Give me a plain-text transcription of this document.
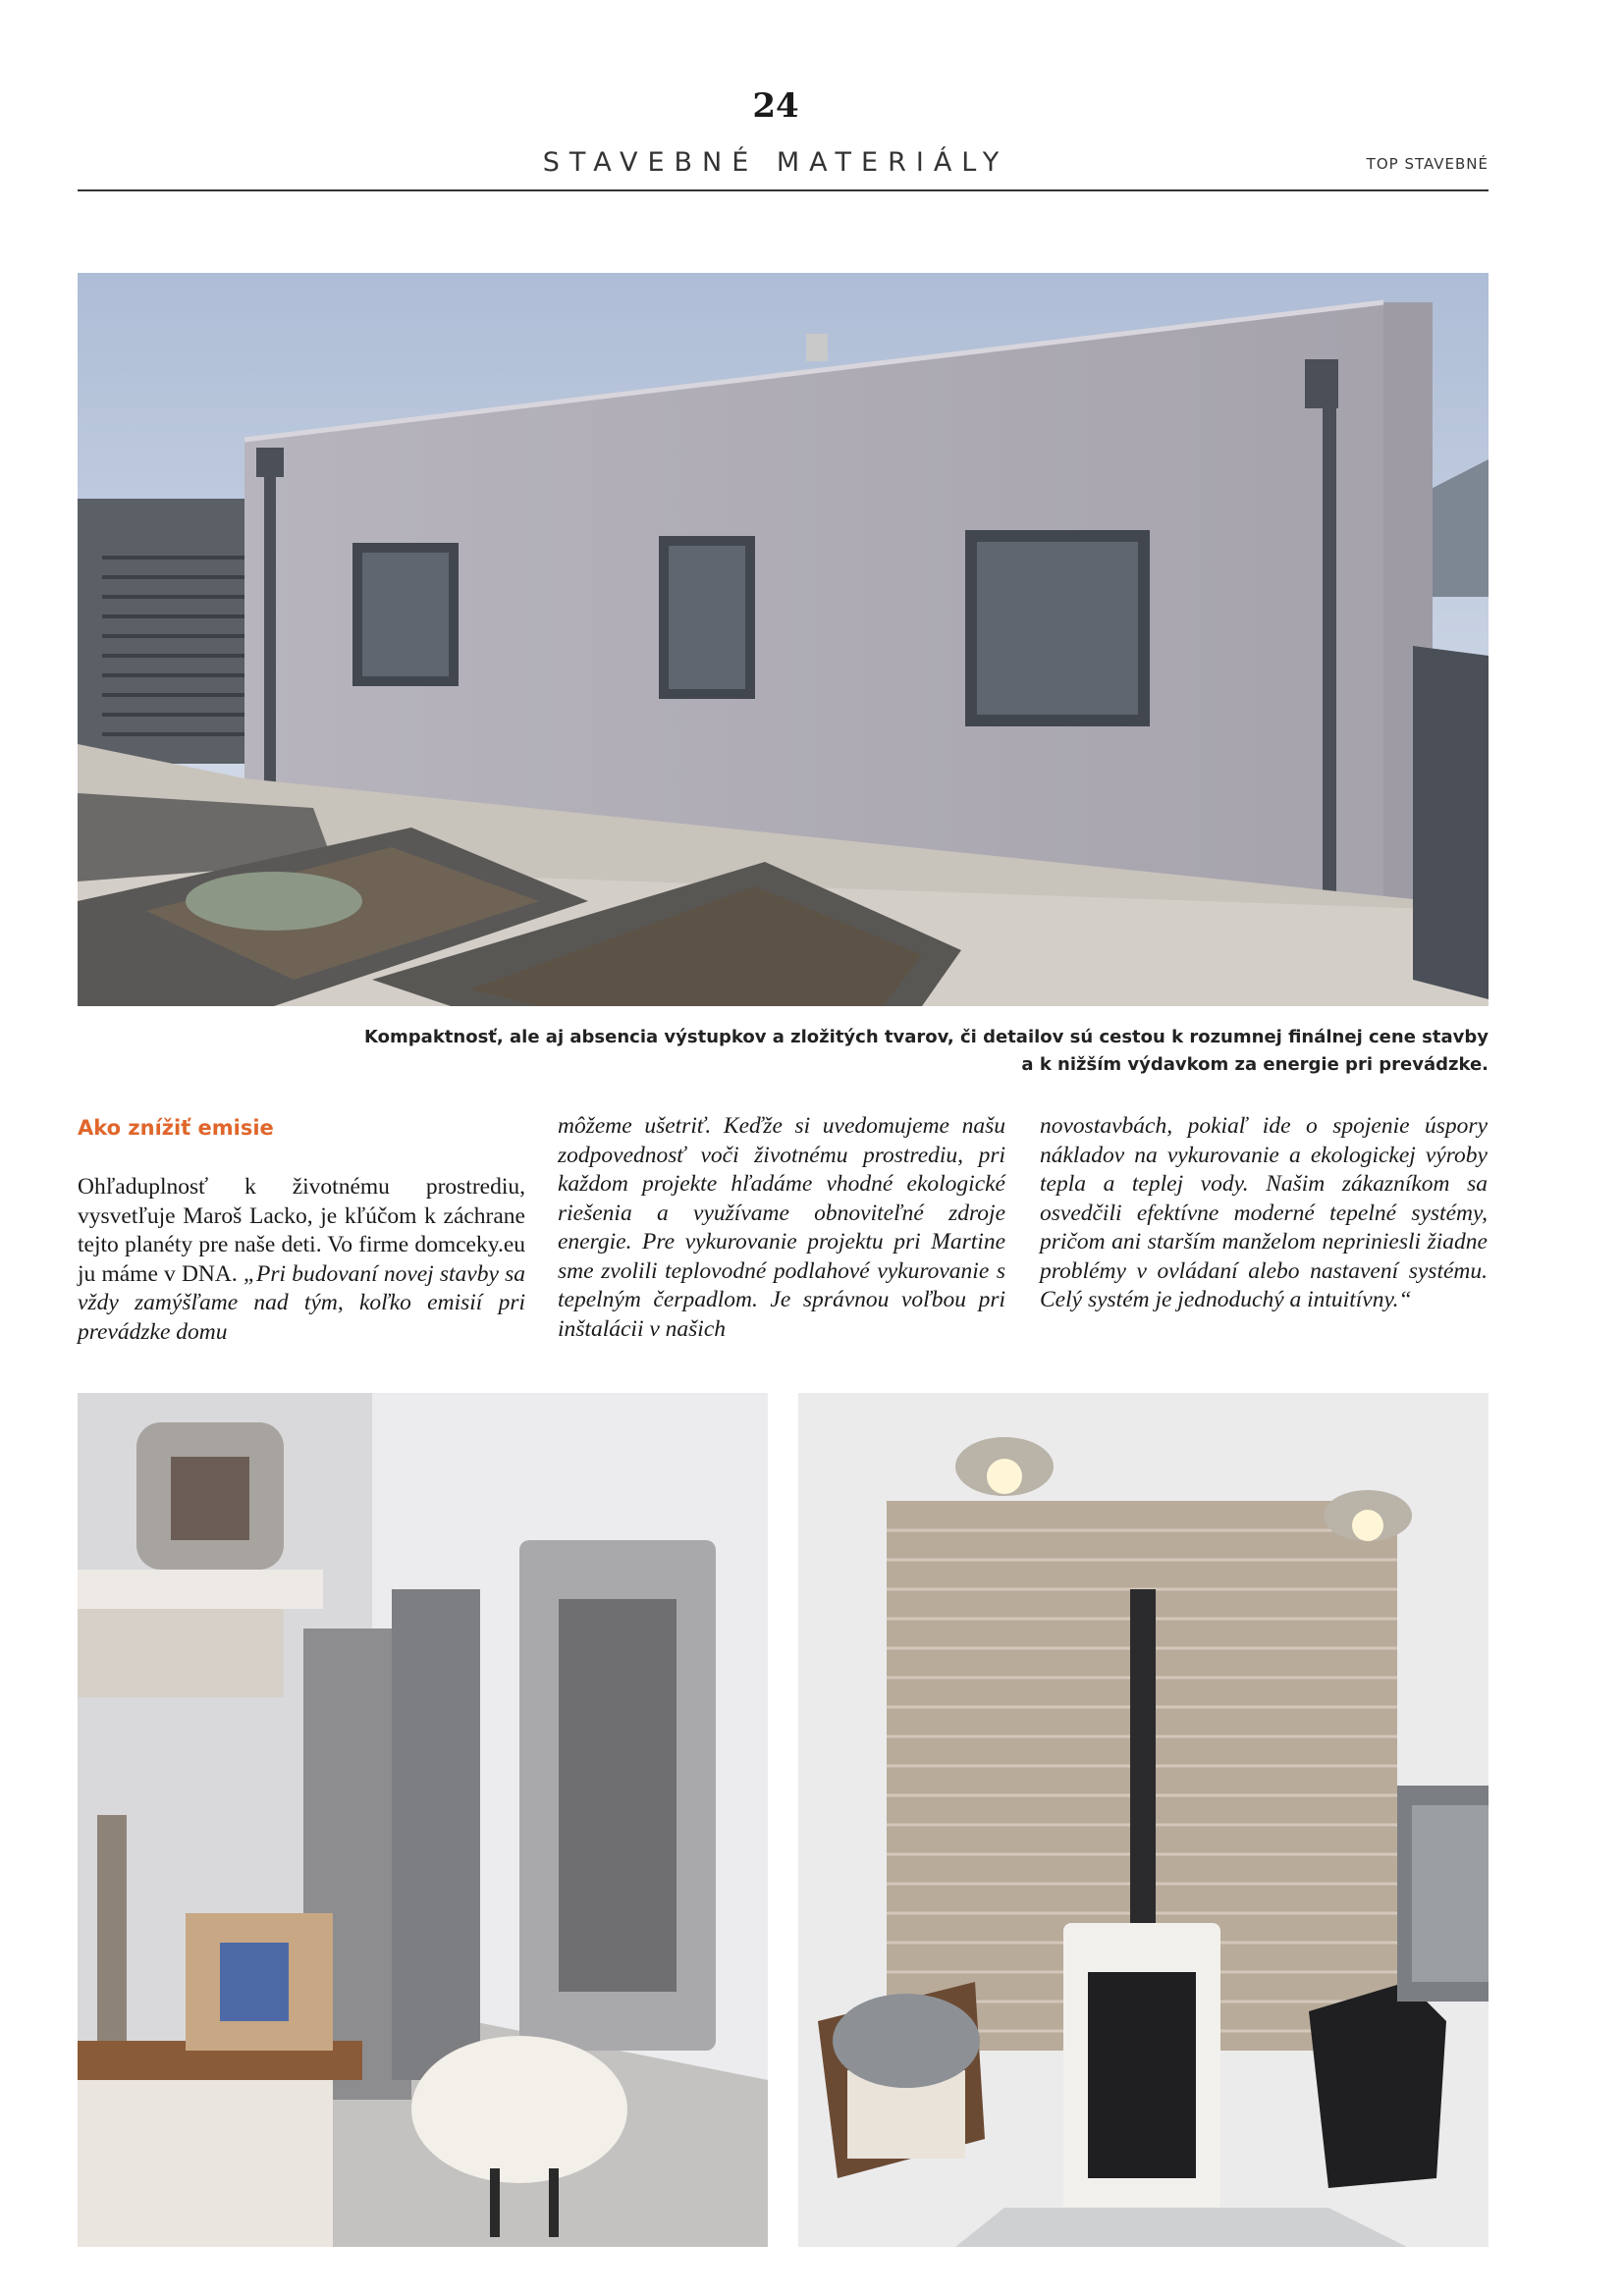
24
STAVEBNÉ MATERIÁLY	TOP STAVEBNÉ
Kompaktnosť, ale aj absencia výstupkov a zložitých tvarov, či detailov sú cestou k rozumnej finálnej cene stavby
a k nižším výdavkom za energie pri prevádzke.
Ako znížiť emisie

Ohľaduplnosť k životnému prostrediu, vysvetľuje Maroš Lacko, je kľúčom k záchrane tejto planéty pre naše deti. Vo firme domceky.eu ju máme v DNA. „Pri budovaní novej stavby sa vždy zamýšľame nad tým, koľko emisií pri prevádzke domu

môžeme ušetriť. Keďže si uvedomujeme našu zodpovednosť voči životnému prostrediu, pri každom projekte hľadáme vhodné ekologické riešenia a využívame obnoviteľné zdroje energie. Pre vykurovanie projektu pri Martine sme zvolili teplovodné podlahové vykurovanie s tepelným čerpadlom. Je správnou voľbou pri inštalácii v našich

novostavbách, pokiaľ ide o spojenie úspory nákladov na vykurovanie a ekologickej výroby tepla a teplej vody. Našim zákazníkom sa osvedčili efektívne moderné tepelné systémy, pričom ani starším manželom nepriniesli žiadne problémy v ovládaní alebo nastavení systému. Celý systém je jednoduchý a intuitívny.“
